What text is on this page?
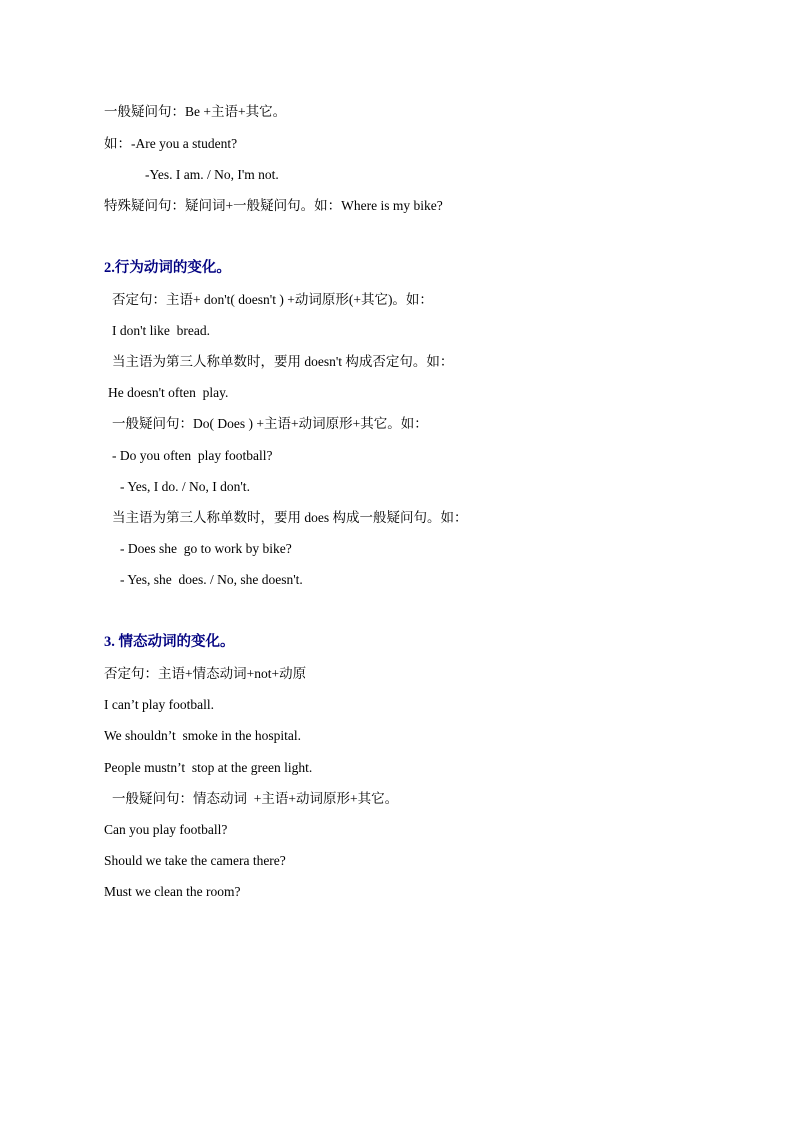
一般疑问句：Be +主语+其它。
如：-Are you a student?
-Yes. I am. / No, I'm not.
特殊疑问句：疑问词+一般疑问句。如：Where is my bike?
2.行为动词的变化。
否定句：主语+ don't( doesn't ) +动词原形(+其它)。如：
I don't like  bread.
当主语为第三人称单数时，要用 doesn't 构成否定句。如：
He doesn't often  play.
一般疑问句：Do( Does ) +主语+动词原形+其它。如：
- Do you often  play football?
- Yes, I do. / No, I don't.
当主语为第三人称单数时，要用 does 构成一般疑问句。如：
- Does she  go to work by bike?
- Yes, she  does. / No, she doesn't.
3. 情态动词的变化。
否定句：主语+情态动词+not+动原
I can’t play football.
We shouldn’t  smoke in the hospital.
People mustn’t  stop at the green light.
一般疑问句：情态动词  +主语+动词原形+其它。
Can you play football?
Should we take the camera there?
Must we clean the room?
